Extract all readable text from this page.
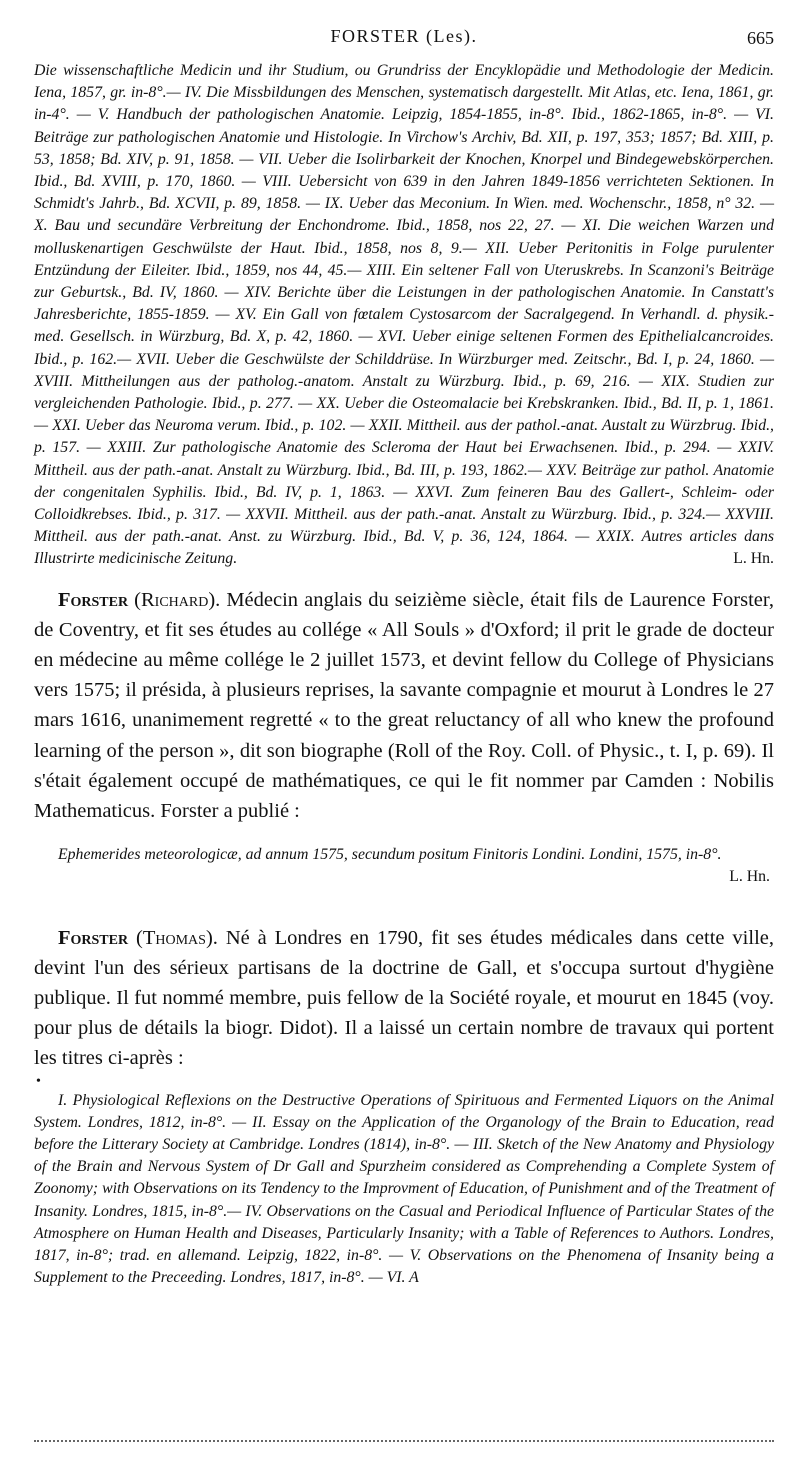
FORSTER (Les).	665

Die wissenschaftliche Medicin und ihr Studium, ou Grundriss der Encyklopädie und Methodologie der Medicin. Iena, 1857, gr. in-8°.— IV. Die Missbildungen des Menschen, systematisch dargestellt. Mit Atlas, etc. Iena, 1861, gr. in-4°. — V. Handbuch der pathologischen Anatomie. Leipzig, 1854-1855, in-8°. Ibid., 1862-1865, in-8°. — VI. Beiträge zur pathologischen Anatomie und Histologie. In Virchow's Archiv, Bd. XII, p. 197, 353; 1857; Bd. XIII, p. 53, 1858; Bd. XIV, p. 91, 1858. — VII. Ueber die Isolirbarkeit der Knochen, Knorpel und Bindegewebskörperchen. Ibid., Bd. XVIII, p. 170, 1860. — VIII. Uebersicht von 639 in den Jahren 1849-1856 verrichteten Sektionen. In Schmidt's Jahrb., Bd. XCVII, p. 89, 1858. — IX. Ueber das Meconium. In Wien. med. Wochenschr., 1858, n° 32. — X. Bau und secundäre Verbreitung der Enchondrome. Ibid., 1858, nos 22, 27. — XI. Die weichen Warzen und molluskenartigen Geschwülste der Haut. Ibid., 1858, nos 8, 9.— XII. Ueber Peritonitis in Folge purulenter Entzündung der Eileiter. Ibid., 1859, nos 44, 45.— XIII. Ein seltener Fall von Uteruskrebs. In Scanzoni's Beiträge zur Geburtsk., Bd. IV, 1860. — XIV. Berichte über die Leistungen in der pathologischen Anatomie. In Canstatt's Jahresberichte, 1855-1859. — XV. Ein Gall von fœtalem Cystosarcom der Sacralgegend. In Verhandl. d. physik.-med. Gesellsch. in Würzburg, Bd. X, p. 42, 1860. — XVI. Ueber einige seltenen Formen des Epithelialcancroides. Ibid., p. 162.— XVII. Ueber die Geschwülste der Schilddrüse. In Würzburger med. Zeitschr., Bd. I, p. 24, 1860. — XVIII. Mittheilungen aus der patholog.-anatom. Anstalt zu Würzburg. Ibid., p. 69, 216. — XIX. Studien zur vergleichenden Pathologie. Ibid., p. 277. — XX. Ueber die Osteomalacie bei Krebskranken. Ibid., Bd. II, p. 1, 1861. — XXI. Ueber das Neuroma verum. Ibid., p. 102. — XXII. Mittheil. aus der pathol.-anat. Austalt zu Würzbrug. Ibid., p. 157. — XXIII. Zur pathologische Anatomie des Scleroma der Haut bei Erwachsenen. Ibid., p. 294. — XXIV. Mittheil. aus der path.-anat. Anstalt zu Würzburg. Ibid., Bd. III, p. 193, 1862.— XXV. Beiträge zur pathol. Anatomie der congenitalen Syphilis. Ibid., Bd. IV, p. 1, 1863. — XXVI. Zum feineren Bau des Gallert-, Schleim- oder Colloidkrebses. Ibid., p. 317. — XXVII. Mittheil. aus der path.-anat. Anstalt zu Würzburg. Ibid., p. 324.— XXVIII. Mittheil. aus der path.-anat. Anst. zu Würzburg. Ibid., Bd. V, p. 36, 124, 1864. — XXIX. Autres articles dans Illustrirte medicinische Zeitung.	L. Hn.

Forster (Richard). Médecin anglais du seizième siècle, était fils de Laurence Forster, de Coventry, et fit ses études au collége « All Souls » d'Oxford; il prit le grade de docteur en médecine au même collége le 2 juillet 1573, et devint fellow du College of Physicians vers 1575; il présida, à plusieurs reprises, la savante compagnie et mourut à Londres le 27 mars 1616, unanimement regretté « to the great reluctancy of all who knew the profound learning of the person », dit son biographe (Roll of the Roy. Coll. of Physic., t. I, p. 69). Il s'était également occupé de mathématiques, ce qui le fit nommer par Camden : Nobilis Mathematicus. Forster a publié :

Ephemerides meteorologicæ, ad annum 1575, secundum positum Finitoris Londini. Londini, 1575, in-8°.

L. Hn.

Forster (Thomas). Né à Londres en 1790, fit ses études médicales dans cette ville, devint l'un des sérieux partisans de la doctrine de Gall, et s'occupa surtout d'hygiène publique. Il fut nommé membre, puis fellow de la Société royale, et mourut en 1845 (voy. pour plus de détails la biogr. Didot). Il a laissé un certain nombre de travaux qui portent les titres ci-après :

•

I. Physiological Reflexions on the Destructive Operations of Spirituous and Fermented Liquors on the Animal System. Londres, 1812, in-8°. — II. Essay on the Application of the Organology of the Brain to Education, read before the Litterary Society at Cambridge. Londres (1814), in-8°. — III. Sketch of the New Anatomy and Physiology of the Brain and Nervous System of Dr Gall and Spurzheim considered as Comprehending a Complete System of Zoonomy; with Observations on its Tendency to the Improvment of Education, of Punishment and of the Treatment of Insanity. Londres, 1815, in-8°.— IV. Observations on the Casual and Periodical Influence of Particular States of the Atmosphere on Human Health and Diseases, Particularly Insanity; with a Table of References to Authors. Londres, 1817, in-8°; trad. en allemand. Leipzig, 1822, in-8°. — V. Observations on the Phenomena of Insanity being a Supplement to the Preceeding. Londres, 1817, in-8°. — VI. A
